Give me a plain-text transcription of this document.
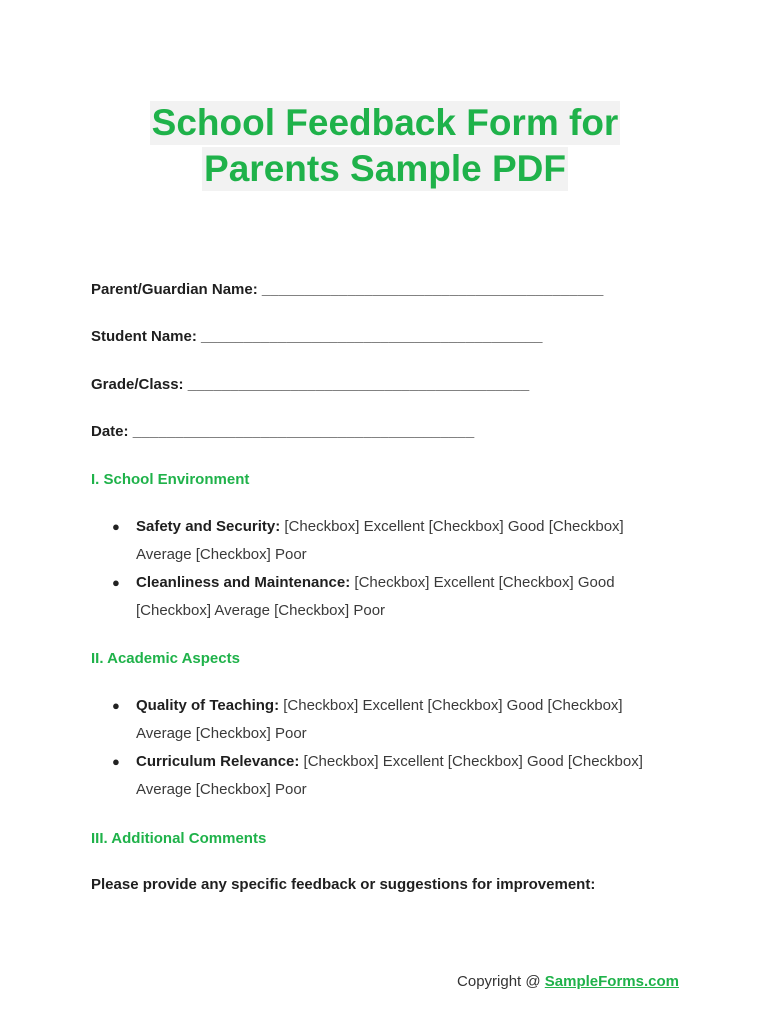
School Feedback Form for
Parents Sample PDF
Parent/Guardian Name: ________________________________________
Student Name: ________________________________________
Grade/Class: ________________________________________
Date: ________________________________________
I. School Environment
● Safety and Security: [Checkbox] Excellent [Checkbox] Good [Checkbox] Average [Checkbox] Poor
● Cleanliness and Maintenance: [Checkbox] Excellent [Checkbox] Good [Checkbox] Average [Checkbox] Poor
II. Academic Aspects
● Quality of Teaching: [Checkbox] Excellent [Checkbox] Good [Checkbox] Average [Checkbox] Poor
● Curriculum Relevance: [Checkbox] Excellent [Checkbox] Good [Checkbox] Average [Checkbox] Poor
III. Additional Comments
Please provide any specific feedback or suggestions for improvement:
Copyright @ SampleForms.com
